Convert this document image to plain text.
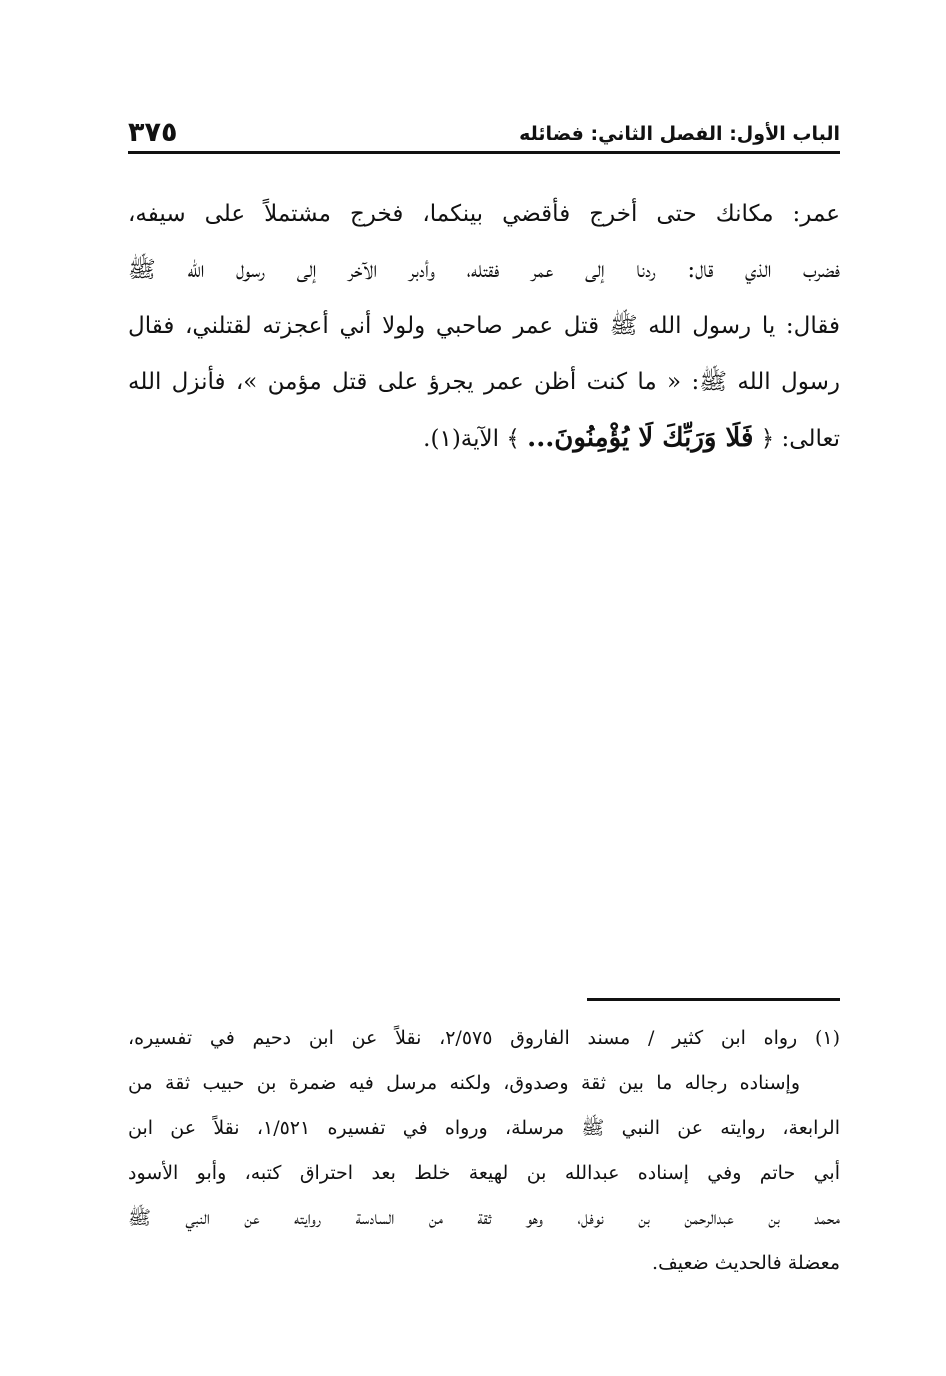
الباب الأول: الفصل الثاني: فضائله
٣٧٥
عمر: مكانك حتى أخرج فأقضي بينكما، فخرج مشتملاً على سيفه،
فضرب الذي قال: ردنا إلى عمر فقتله، وأدبر الآخر إلى رسول الله ﷺ
فقال: يا رسول الله ﷺ قتل عمر صاحبي ولولا أني أعجزته لقتلني، فقال
رسول الله ﷺ: « ما كنت أظن عمر يجرؤ على قتل مؤمن »، فأنزل الله
تعالى: ﴿ فَلَا وَرَبِّكَ لَا يُؤْمِنُونَ... ﴾ الآية(١).
(١) رواه ابن كثير / مسند الفاروق ٢/٥٧٥، نقلاً عن ابن دحيم في تفسيره،
وإسناده رجاله ما بين ثقة وصدوق، ولكنه مرسل فيه ضمرة بن حبيب ثقة من
الرابعة، روايته عن النبي ﷺ مرسلة، ورواه في تفسيره ١/٥٢١، نقلاً عن ابن
أبي حاتم وفي إسناده عبدالله بن لهيعة خلط بعد احتراق كتبه، وأبو الأسود
محمد بن عبدالرحمن بن نوفل، وهو ثقة من السادسة روايته عن النبي ﷺ
معضلة فالحديث ضعيف.
